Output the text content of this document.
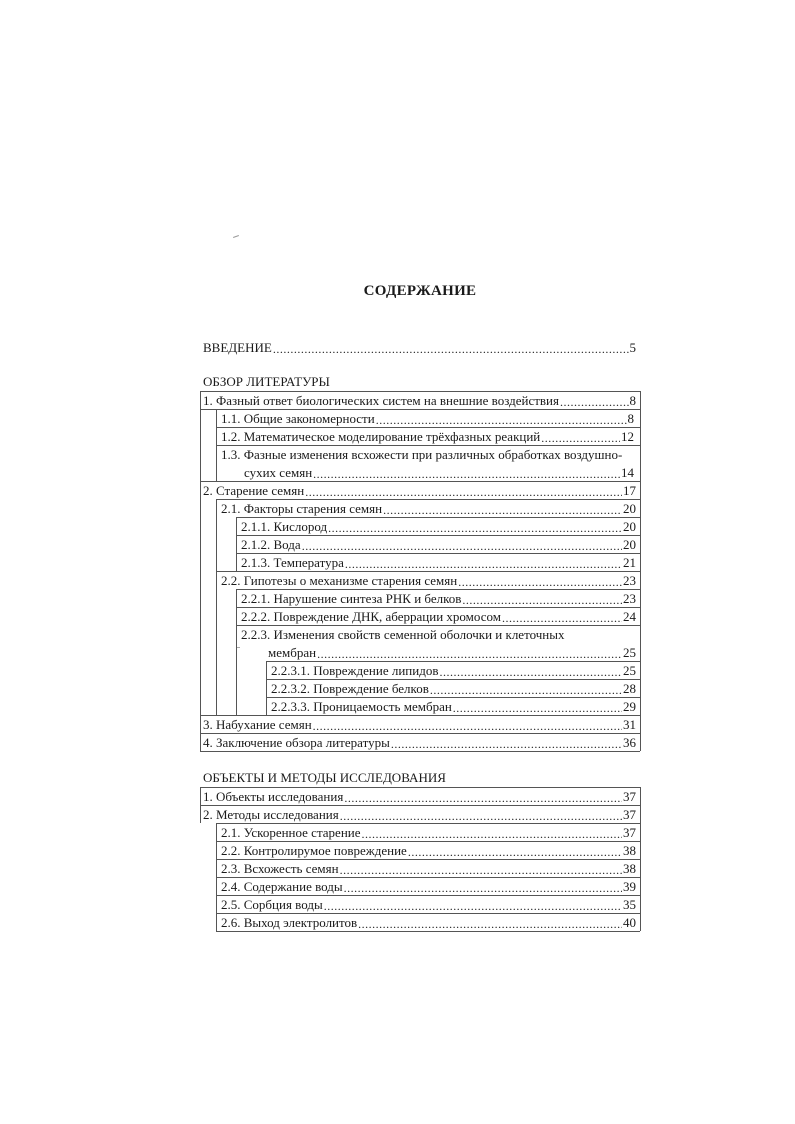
СОДЕРЖАНИЕ
ВВЕДЕНИЕ .....	5
ОБЗОР ЛИТЕРАТУРЫ
1. Фазный ответ биологических систем на внешние воздействия .....	8
1.1. Общие закономерности .....	8
1.2. Математическое моделирование трёхфазных реакций .....	12
1.3. Фазные изменения всхожести при различных обработках воздушно-
сухих семян .....	14
2. Старение семян .....	17
2.1. Факторы старения семян .....	20
2.1.1. Кислород .....	20
2.1.2. Вода .....	20
2.1.3. Температура .....	21
2.2. Гипотезы о механизме старения семян .....	23
2.2.1. Нарушение синтеза РНК и белков .....	23
2.2.2. Повреждение ДНК, аберрации хромосом .....	24
2.2.3. Изменения свойств семенной оболочки и клеточных
мембран .....	25
2.2.3.1. Повреждение липидов .....	25
2.2.3.2. Повреждение белков .....	28
2.2.3.3. Проницаемость мембран .....	29
3. Набухание семян .....	31
4. Заключение обзора литературы .....	36
ОБЪЕКТЫ И МЕТОДЫ ИССЛЕДОВАНИЯ
1. Объекты исследования .....	37
2. Методы исследования .....	37
2.1. Ускоренное старение .....	37
2.2. Контролирумое повреждение .....	38
2.3. Всхожесть семян .....	38
2.4. Содержание воды .....	39
2.5. Сорбция воды .....	35
2.6. Выход электролитов .....	40
